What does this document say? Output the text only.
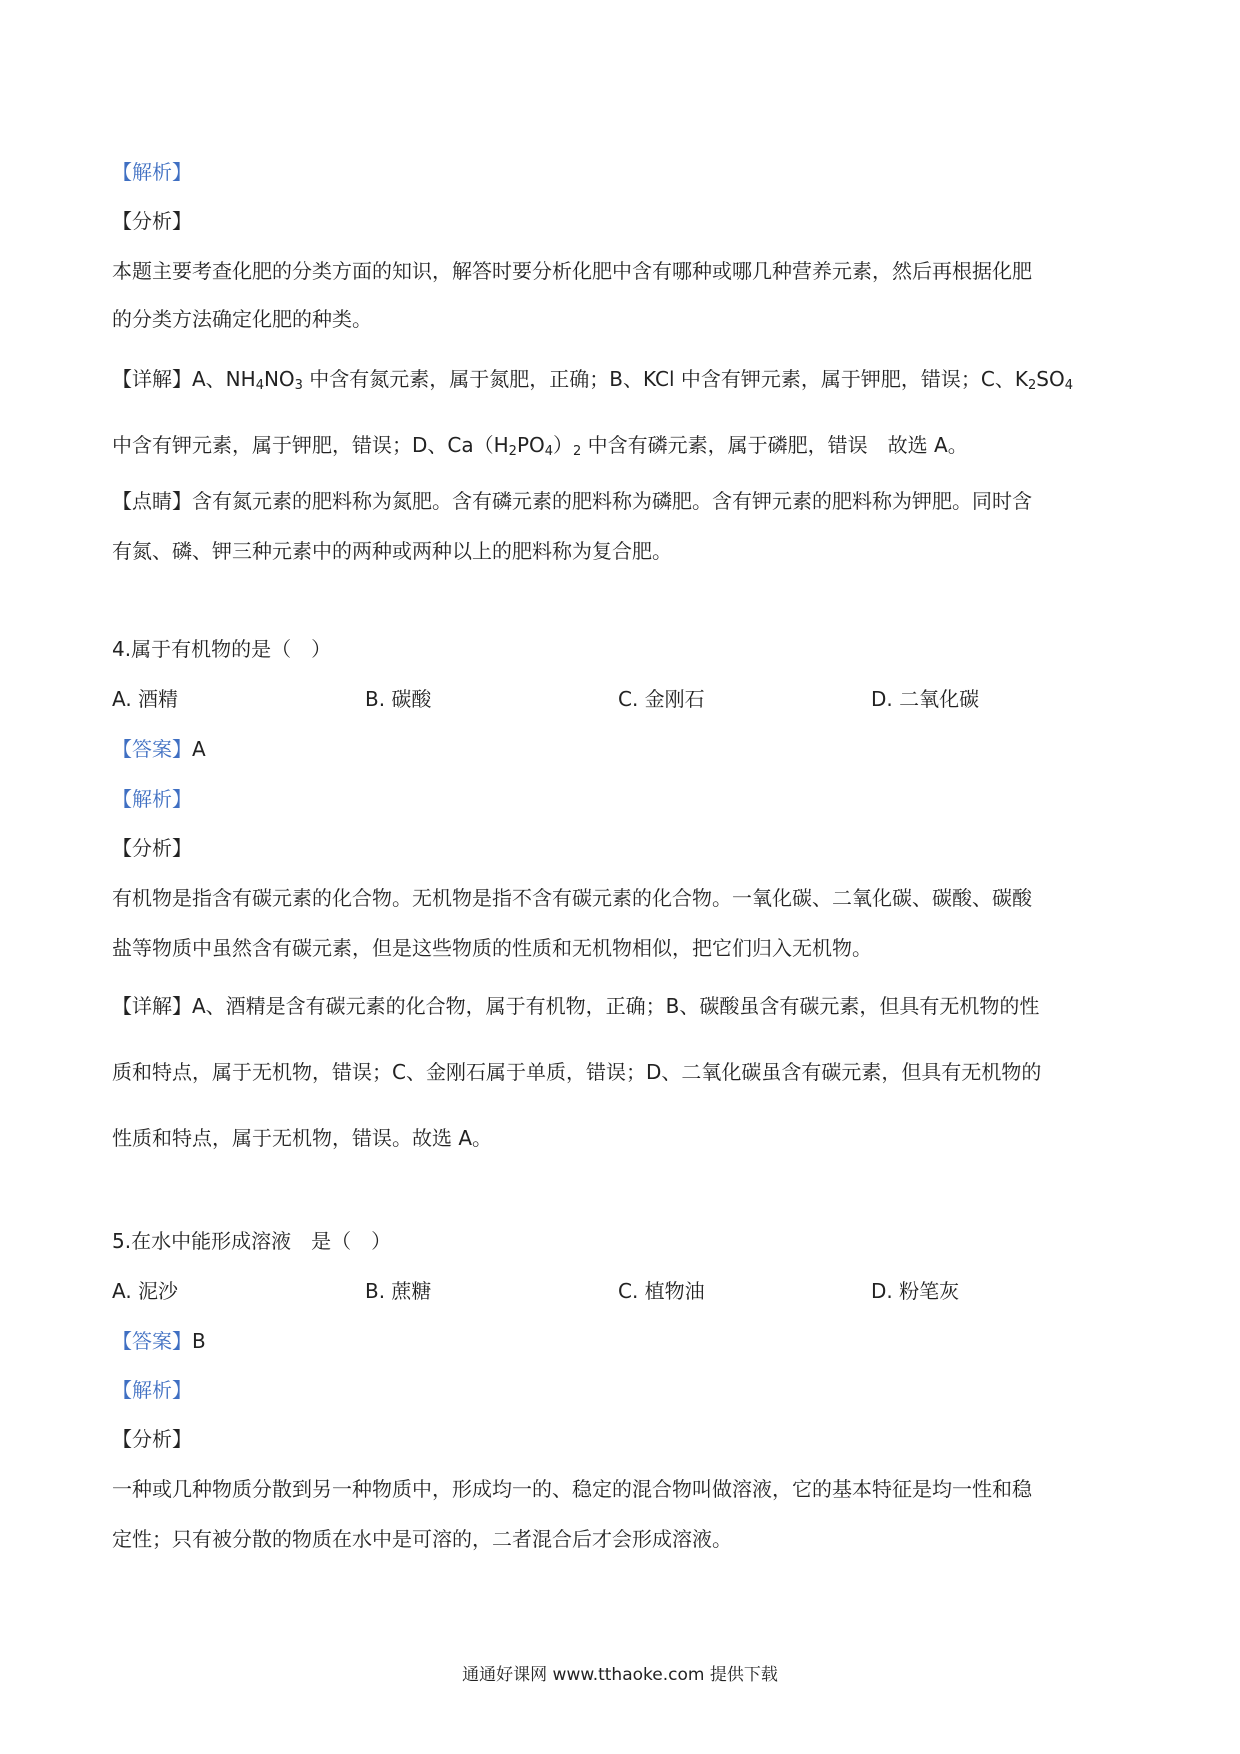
【解析】
【分析】
本题主要考查化肥的分类方面的知识，解答时要分析化肥中含有哪种或哪几种营养元素，然后再根据化肥
的分类方法确定化肥的种类。
【详解】A、$NH_4NO_3$ 中含有氮元素，属于氮肥，正确；B、KCl 中含有钾元素，属于钾肥，错误；C、$K_2SO_4$
中含有钾元素，属于钾肥，错误；D、$Ca(H_2PO_4)_2$ 中含有磷元素，属于磷肥，错误　故选 A。
【点睛】含有氮元素的肥料称为氮肥。含有磷元素的肥料称为磷肥。含有钾元素的肥料称为钾肥。同时含
有氮、磷、钾三种元素中的两种或两种以上的肥料称为复合肥。
4.属于有机物的是（　）
A. 酒精	B. 碳酸	C. 金刚石	D. 二氧化碳
【答案】A
【解析】
【分析】
有机物是指含有碳元素的化合物。无机物是指不含有碳元素的化合物。一氧化碳、二氧化碳、碳酸、碳酸
盐等物质中虽然含有碳元素，但是这些物质的性质和无机物相似，把它们归入无机物。
【详解】A、酒精是含有碳元素的化合物，属于有机物，正确；B、碳酸虽含有碳元素，但具有无机物的性
质和特点，属于无机物，错误；C、金刚石属于单质，错误；D、二氧化碳虽含有碳元素，但具有无机物的
性质和特点，属于无机物，错误。故选 A。
5.在水中能形成溶液　是（　）
A. 泥沙	B. 蔗糖	C. 植物油	D. 粉笔灰
【答案】B
【解析】
【分析】
一种或几种物质分散到另一种物质中，形成均一的、稳定的混合物叫做溶液，它的基本特征是均一性和稳
定性；只有被分散的物质在水中是可溶的，二者混合后才会形成溶液。
通通好课网 www.tthaoke.com 提供下载
